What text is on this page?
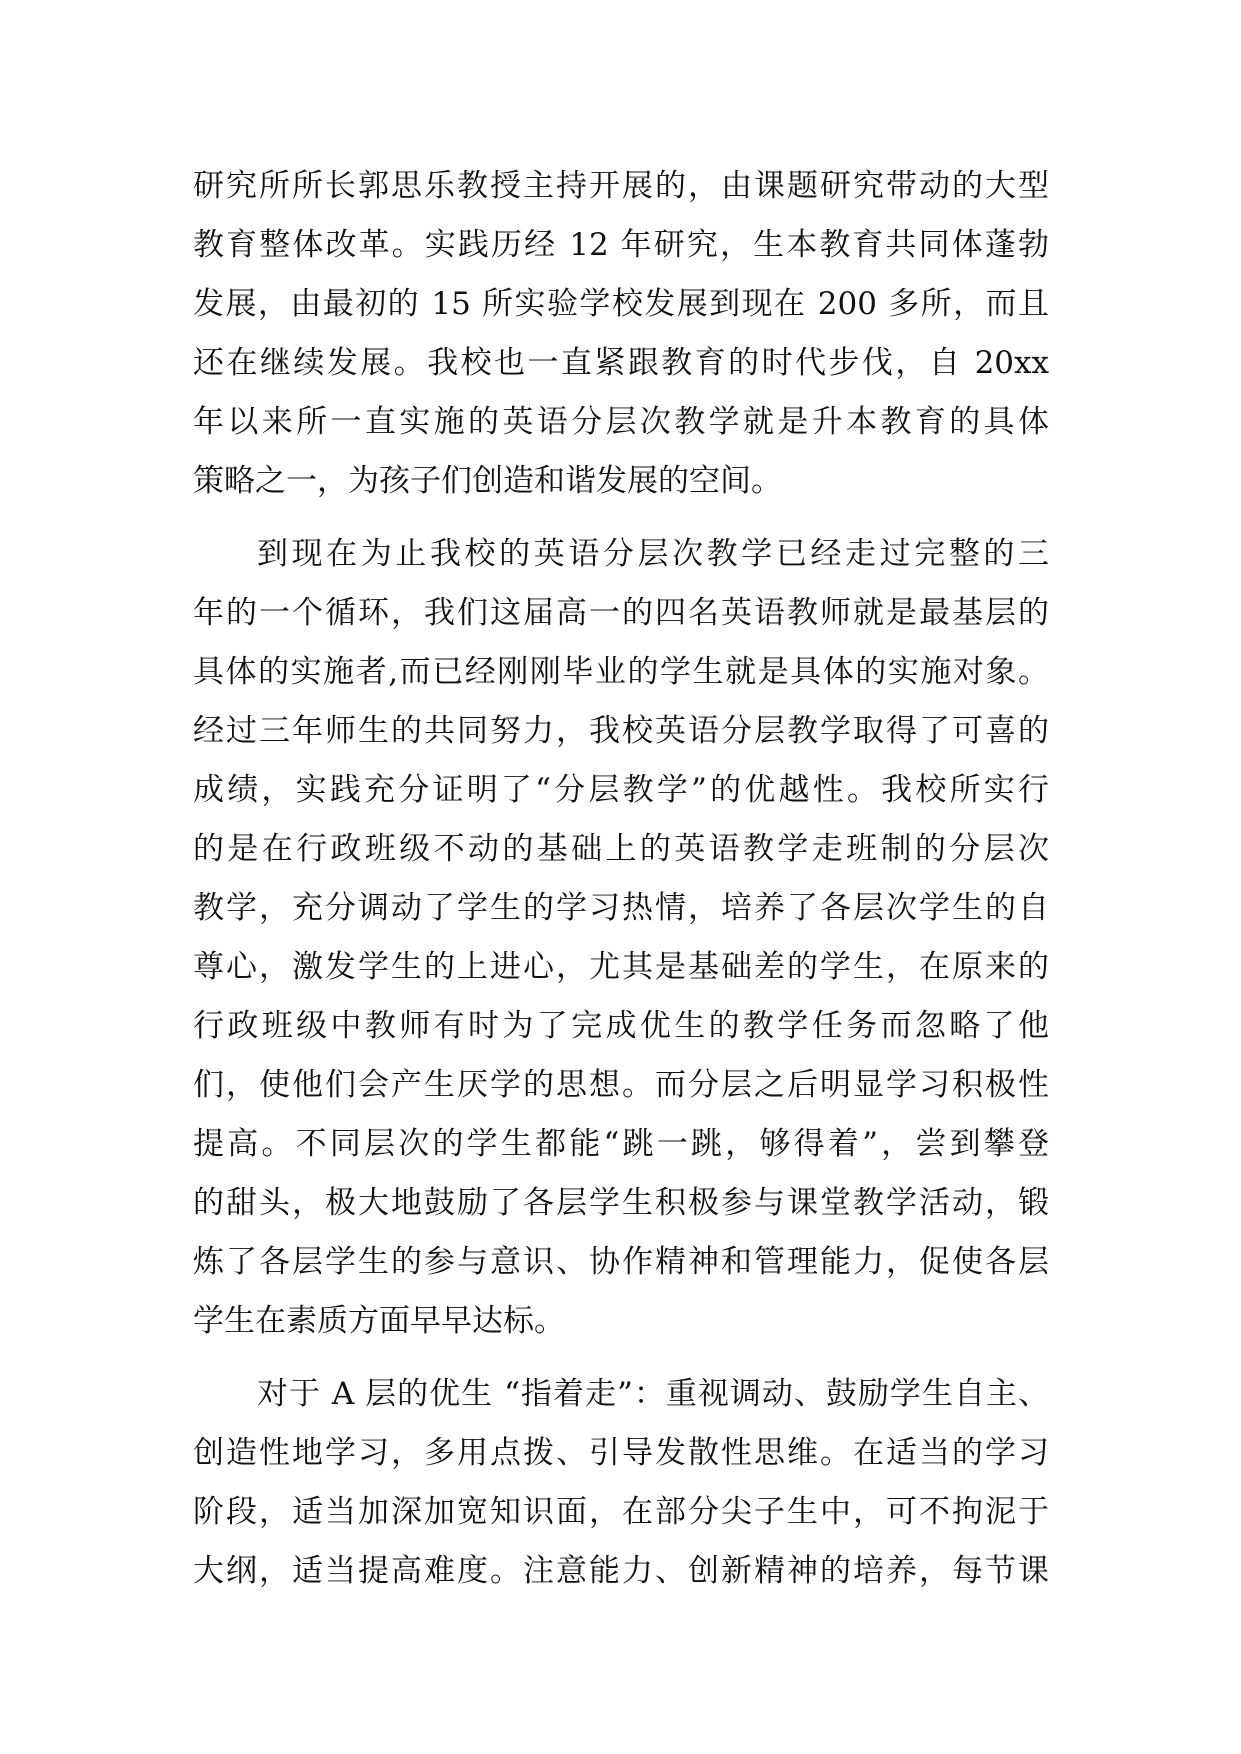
研究所所长郭思乐教授主持开展的，由课题研究带动的大型
教育整体改革。实践历经 12 年研究，生本教育共同体蓬勃
发展，由最初的 15 所实验学校发展到现在 200 多所，而且
还在继续发展。我校也一直紧跟教育的时代步伐，自 20xx
年以来所一直实施的英语分层次教学就是升本教育的具体
策略之一，为孩子们创造和谐发展的空间。
到现在为止我校的英语分层次教学已经走过完整的三
年的一个循环，我们这届高一的四名英语教师就是最基层的
具体的实施者,而已经刚刚毕业的学生就是具体的实施对象。
经过三年师生的共同努力，我校英语分层教学取得了可喜的
成绩，实践充分证明了“分层教学”的优越性。我校所实行
的是在行政班级不动的基础上的英语教学走班制的分层次
教学，充分调动了学生的学习热情，培养了各层次学生的自
尊心，激发学生的上进心，尤其是基础差的学生，在原来的
行政班级中教师有时为了完成优生的教学任务而忽略了他
们，使他们会产生厌学的思想。而分层之后明显学习积极性
提高。不同层次的学生都能“跳一跳，够得着”，尝到攀登
的甜头，极大地鼓励了各层学生积极参与课堂教学活动，锻
炼了各层学生的参与意识、协作精神和管理能力，促使各层
学生在素质方面早早达标。
对于 A 层的优生 “指着走”：重视调动、鼓励学生自主、
创造性地学习，多用点拨、引导发散性思维。在适当的学习
阶段，适当加深加宽知识面，在部分尖子生中，可不拘泥于
大纲，适当提高难度。注意能力、创新精神的培养，每节课
